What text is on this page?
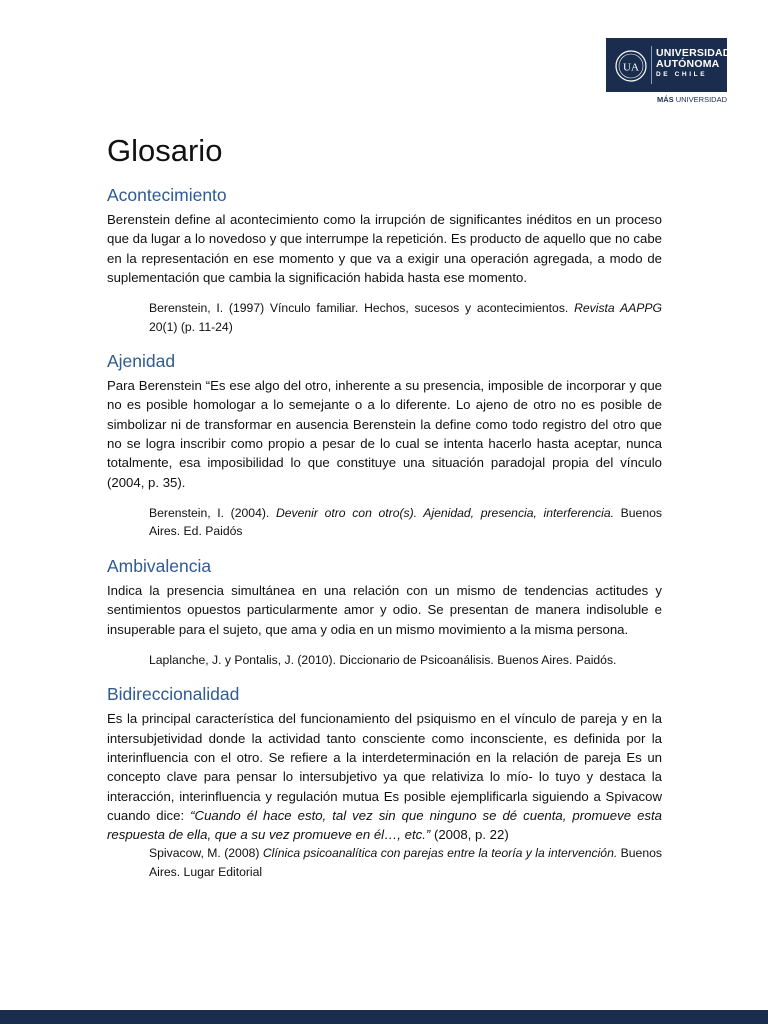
UA
UNIVERSIDAD
AUTÓNOMA
DE CHILE
MÁS UNIVERSIDAD
Glosario
Acontecimiento

Berenstein define al acontecimiento como la irrupción de significantes inéditos en un proceso que da lugar a lo novedoso y que interrumpe la repetición. Es producto de aquello que no cabe en la representación en ese momento y que va a exigir una operación agregada, a modo de suplementación que cambia la significación habida hasta ese momento.

Berenstein, I. (1997) Vínculo familiar. Hechos, sucesos y acontecimientos. Revista AAPPG 20(1) (p. 11-24)

Ajenidad

Para Berenstein “Es ese algo del otro, inherente a su presencia, imposible de incorporar y que no es posible homologar a lo semejante o a lo diferente. Lo ajeno de otro no es posible de simbolizar ni de transformar en ausencia Berenstein la define como todo registro del otro que no se logra inscribir como propio a pesar de lo cual se intenta hacerlo hasta aceptar, nunca totalmente, esa imposibilidad lo que constituye una situación paradojal propia del vínculo (2004, p. 35).

Berenstein, I. (2004). Devenir otro con otro(s). Ajenidad, presencia, interferencia. Buenos Aires. Ed. Paidós

Ambivalencia

Indica la presencia simultánea en una relación con un mismo de tendencias actitudes y sentimientos opuestos particularmente amor y odio. Se presentan de manera indisoluble e insuperable para el sujeto, que ama y odia en un mismo movimiento a la misma persona.

Laplanche, J. y Pontalis, J. (2010). Diccionario de Psicoanálisis. Buenos Aires. Paidós.

Bidireccionalidad

Es la principal característica del funcionamiento del psiquismo en el vínculo de pareja y en la intersubjetividad donde la actividad tanto consciente como inconsciente, es definida por la interinfluencia con el otro. Se refiere a la interdeterminación en la relación de pareja Es un concepto clave para pensar lo intersubjetivo ya que relativiza lo mío- lo tuyo y destaca la interacción, interinfluencia y regulación mutua Es posible ejemplificarla siguiendo a Spivacow cuando dice: “Cuando él hace esto, tal vez sin que ninguno se dé cuenta, promueve esta respuesta de ella, que a su vez promueve en él…, etc.” (2008, p. 22)

Spivacow, M. (2008) Clínica psicoanalítica con parejas entre la teoría y la intervención. Buenos Aires. Lugar Editorial
